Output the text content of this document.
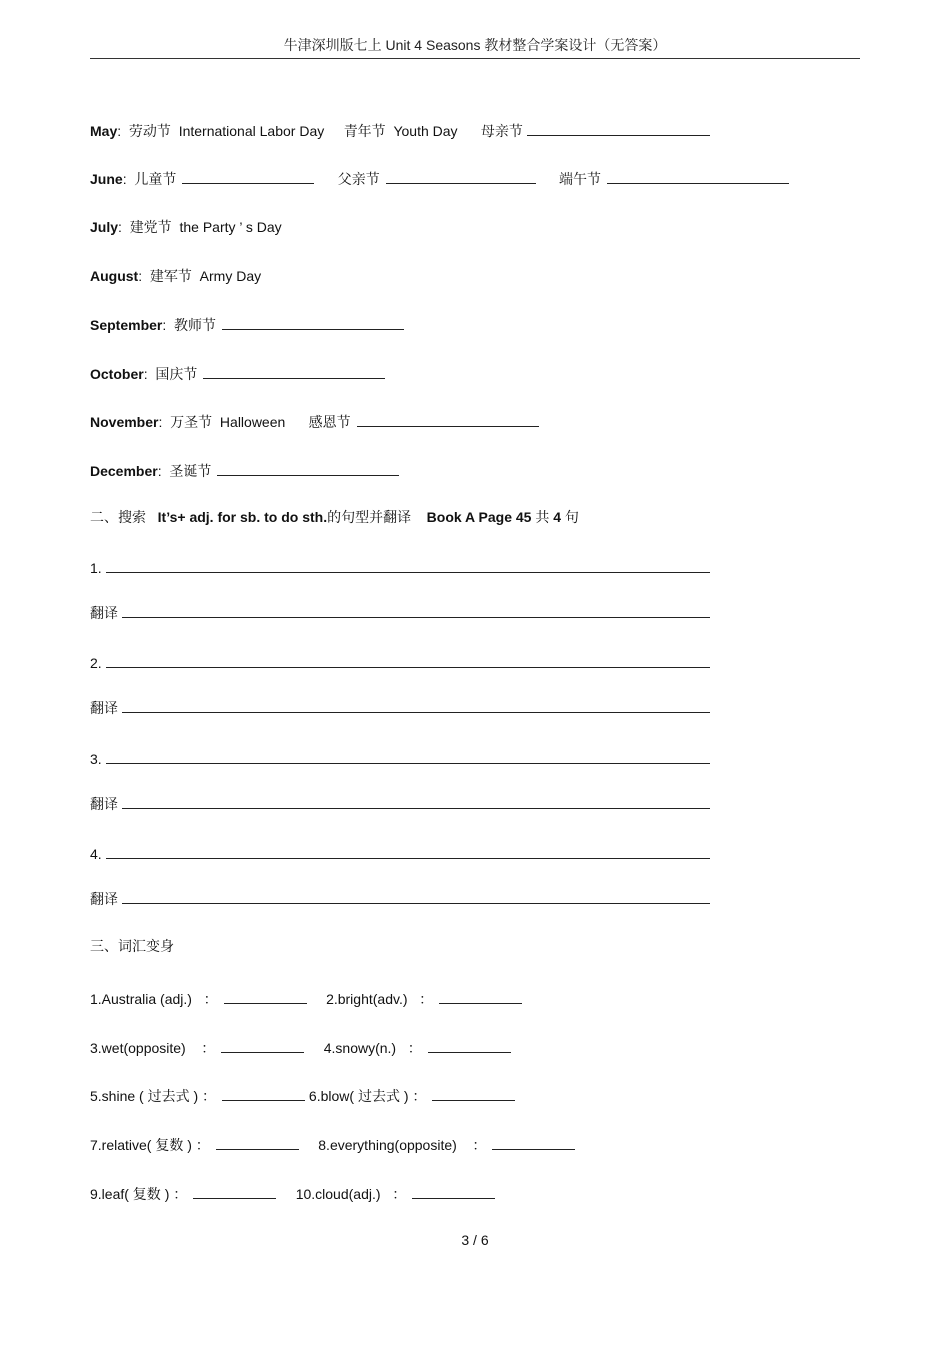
牛津深圳版七上 Unit 4 Seasons 教材整合学案设计（无答案）
May: 劳动节 International Labor Day 青年节 Youth Day 母亲节
June: 儿童节	父亲节	端午节
July: 建党节 the Party ’ s Day
August: 建军节 Army Day
September: 教师节
October: 国庆节
November: 万圣节 Halloween 感恩节
December: 圣诞节
二、搜索 It’s+ adj. for sb. to do sth.的句型并翻译 Book A Page 45 共 4 句
1.
翻译
2.
翻译
3.
翻译
4.
翻译
三、词汇变身
1.Australia (adj.)   ：	2.bright(adv.)   ：
3.wet(opposite)    ：	4.snowy(n.)   ：
5.shine ( 过去式 ) ：	6.blow( 过去式 ) ：
7.relative( 复数 ) ：	8.everything(opposite)    ：
9.leaf( 复数 ) ：	10.cloud(adj.)   ：
3 / 6
